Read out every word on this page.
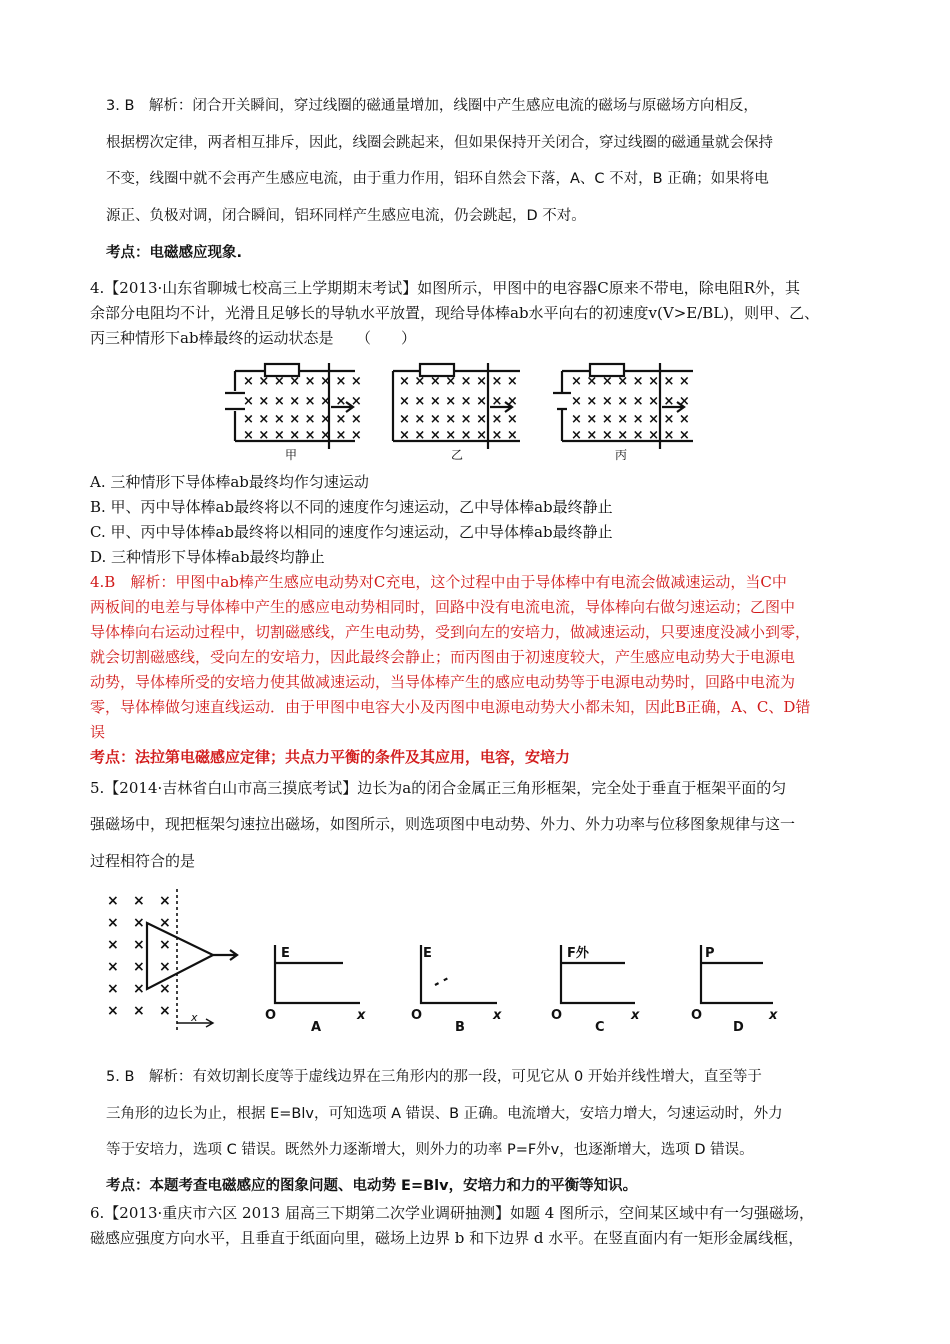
3. B　解析：闭合开关瞬间，穿过线圈的磁通量增加，线圈中产生感应电流的磁场与原磁场方向相反，

根据楞次定律，两者相互排斥，因此，线圈会跳起来，但如果保持开关闭合，穿过线圈的磁通量就会保持

不变，线圈中就不会再产生感应电流，由于重力作用，铝环自然会下落，A、C 不对，B 正确；如果将电

源正、负极对调，闭合瞬间，铝环同样产生感应电流，仍会跳起，D 不对。

考点：电磁感应现象.

4.【2013·山东省聊城七校高三上学期期末考试】如图所示，甲图中的电容器C原来不带电，除电阻R外，其

余部分电阻均不计，光滑且足够长的导轨水平放置，现给导体棒ab水平向右的初速度v(V>E/BL)，则甲、乙、

丙三种情形下ab棒最终的运动状态是　　（　　）

× × × × × × × ×
× × × × × × × ×
× × × × × × × ×
× × × × × × × ×
× × × × × × × ×
× × × × × × × ×
× × × × × × × ×
× × × × × × × ×
× × × × × × × ×
× × × × × × × ×
× × × × × × × ×
× × × × × × × ×
甲	乙	丙

A. 三种情形下导体棒ab最终均作匀速运动

B. 甲、丙中导体棒ab最终将以不同的速度作匀速运动，乙中导体棒ab最终静止

C. 甲、丙中导体棒ab最终将以相同的速度作匀速运动，乙中导体棒ab最终静止

D. 三种情形下导体棒ab最终均静止

4.B　解析：甲图中ab棒产生感应电动势对C充电，这个过程中由于导体棒中有电流会做减速运动，当C中

两板间的电差与导体棒中产生的感应电动势相同时，回路中没有电流电流，导体棒向右做匀速运动；乙图中

导体棒向右运动过程中，切割磁感线，产生电动势，受到向左的安培力，做减速运动，只要速度没减小到零，

就会切割磁感线，受向左的安培力，因此最终会静止；而丙图由于初速度较大，产生感应电动势大于电源电

动势，导体棒所受的安培力使其做减速运动，当导体棒产生的感应电动势等于电源电动势时，回路中电流为

零，导体棒做匀速直线运动．由于甲图中电容大小及丙图中电源电动势大小都未知，因此B正确，A、C、D错

误

考点：法拉第电磁感应定律；共点力平衡的条件及其应用，电容，安培力

5.【2014·吉林省白山市高三摸底考试】边长为a的闭合金属正三角形框架，完全处于垂直于框架平面的匀

强磁场中，现把框架匀速拉出磁场，如图所示，则选项图中电动势、外力、外力功率与位移图象规律与这一

过程相符合的是

× × ×
× × ×
× × ×
× × ×
× × ×
× × × x
E
O	x
A
E
O	x
B
F外
O	x
C
P
O	x
D

5. B　解析：有效切割长度等于虚线边界在三角形内的那一段，可见它从 0 开始并线性增大，直至等于

三角形的边长为止，根据 E=Blv，可知选项 A 错误、B 正确。电流增大，安培力增大，匀速运动时，外力

等于安培力，选项 C 错误。既然外力逐渐增大，则外力的功率 P=F外v，也逐渐增大，选项 D 错误。

考点：本题考查电磁感应的图象问题、电动势 E=Blv，安培力和力的平衡等知识。

6.【2013·重庆市六区 2013 届高三下期第二次学业调研抽测】如题 4 图所示，空间某区域中有一匀强磁场，

磁感应强度方向水平，且垂直于纸面向里，磁场上边界 b 和下边界 d 水平。在竖直面内有一矩形金属线框，
